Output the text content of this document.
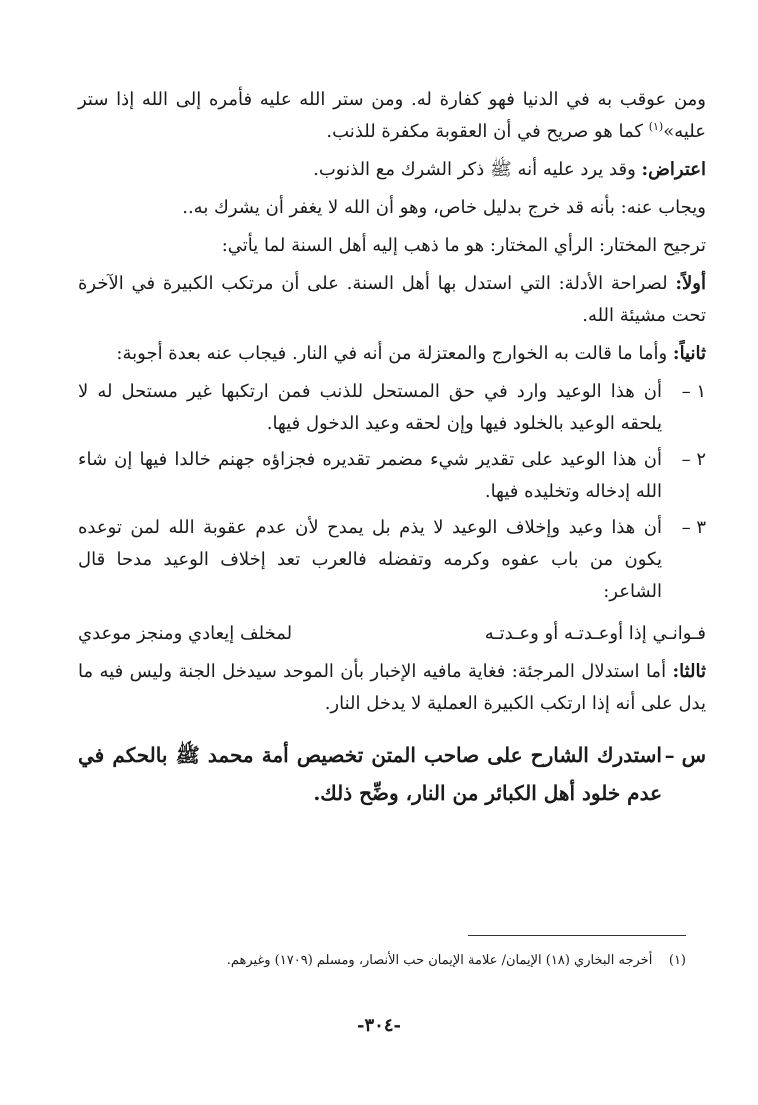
ومن عوقب به في الدنيا فهو كفارة له. ومن ستر الله عليه فأمره إلى الله إذا ستر عليه»$^{(١)}$ كما هو صريح في أن العقوبة مكفرة للذنب.

اعتراض: وقد يرد عليه أنه ﷺ ذكر الشرك مع الذنوب.

ويجاب عنه: بأنه قد خرج بدليل خاص، وهو أن الله لا يغفر أن يشرك به..

ترجيح المختار: الرأي المختار: هو ما ذهب إليه أهل السنة لما يأتي:

أولاً: لصراحة الأدلة: التي استدل بها أهل السنة. على أن مرتكب الكبيرة في الآخرة تحت مشيئة الله.

ثانياً: وأما ما قالت به الخوارج والمعتزلة من أنه في النار. فيجاب عنه بعدة أجوبة:

١ –
أن هذا الوعيد وارد في حق المستحل للذنب فمن ارتكبها غير مستحل له لا يلحقه الوعيد بالخلود فيها وإن لحقه وعيد الدخول فيها.
٢ –
أن هذا الوعيد على تقدير شيء مضمر تقديره فجزاؤه جهنم خالدا فيها إن شاء الله إدخاله وتخليده فيها.
٣ –
أن هذا وعيد وإخلاف الوعيد لا يذم بل يمدح لأن عدم عقوبة الله لمن توعده يكون من باب عفوه وكرمه وتفضله فالعرب تعد إخلاف الوعيد مدحا قال الشاعر:
فـوانـي إذا أوعـدتـه أو وعـدتـه
لمخلف إيعادي ومنجز موعدي

ثالثا: أما استدلال المرجئة: فغاية مافيه الإخبار بأن الموحد سيدخل الجنة وليس فيه ما يدل على أنه إذا ارتكب الكبيرة العملية لا يدخل النار.

س –
استدرك الشارح على صاحب المتن تخصيص أمة محمد ﷺ بالحكم في عدم خلود أهل الكبائر من النار، وضِّح ذلك.
(١)    أخرجه البخاري (١٨) الإيمان/ علامة الإيمان حب الأنصار، ومسلم (١٧٠٩) وغيرهم.
-٣٠٤-
